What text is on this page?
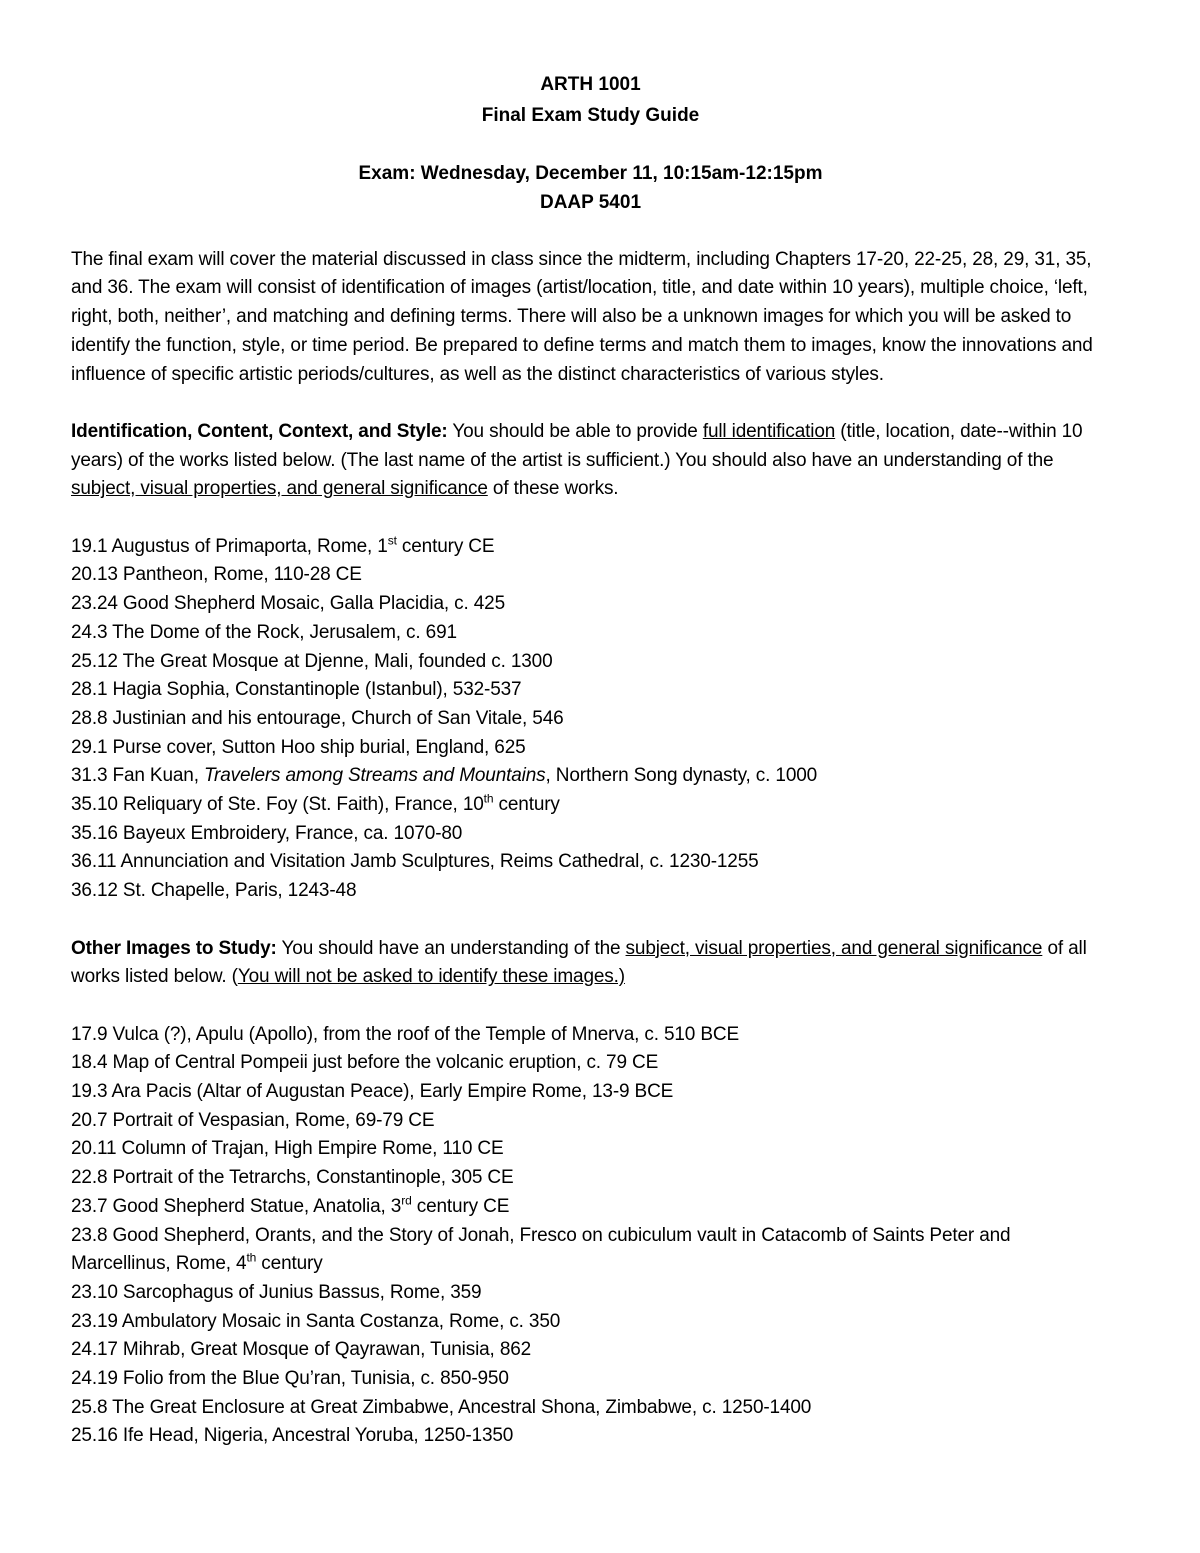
ARTH 1001
Final Exam Study Guide
Exam: Wednesday, December 11, 10:15am-12:15pm
DAAP 5401
The final exam will cover the material discussed in class since the midterm, including Chapters 17-20, 22-25, 28, 29, 31, 35, and 36. The exam will consist of identification of images (artist/location, title, and date within 10 years), multiple choice, ‘left, right, both, neither’, and matching and defining terms. There will also be a unknown images for which you will be asked to identify the function, style, or time period. Be prepared to define terms and match them to images, know the innovations and influence of specific artistic periods/cultures, as well as the distinct characteristics of various styles.
Identification, Content, Context, and Style: You should be able to provide full identification (title, location, date--within 10 years) of the works listed below. (The last name of the artist is sufficient.) You should also have an understanding of the subject, visual properties, and general significance of these works.
19.1 Augustus of Primaporta, Rome, 1st century CE
20.13 Pantheon, Rome, 110-28 CE
23.24 Good Shepherd Mosaic, Galla Placidia, c. 425
24.3 The Dome of the Rock, Jerusalem, c. 691
25.12 The Great Mosque at Djenne, Mali, founded c. 1300
28.1 Hagia Sophia, Constantinople (Istanbul), 532-537
28.8 Justinian and his entourage, Church of San Vitale, 546
29.1 Purse cover, Sutton Hoo ship burial, England, 625
31.3 Fan Kuan, Travelers among Streams and Mountains, Northern Song dynasty, c. 1000
35.10 Reliquary of Ste. Foy (St. Faith), France, 10th century
35.16 Bayeux Embroidery, France, ca. 1070-80
36.11 Annunciation and Visitation Jamb Sculptures, Reims Cathedral, c. 1230-1255
36.12 St. Chapelle, Paris, 1243-48
Other Images to Study: You should have an understanding of the subject, visual properties, and general significance of all works listed below. (You will not be asked to identify these images.)
17.9 Vulca (?), Apulu (Apollo), from the roof of the Temple of Mnerva, c. 510 BCE
18.4 Map of Central Pompeii just before the volcanic eruption, c. 79 CE
19.3 Ara Pacis (Altar of Augustan Peace), Early Empire Rome, 13-9 BCE
20.7 Portrait of Vespasian, Rome, 69-79 CE
20.11 Column of Trajan, High Empire Rome, 110 CE
22.8 Portrait of the Tetrarchs, Constantinople, 305 CE
23.7 Good Shepherd Statue, Anatolia, 3rd century CE
23.8 Good Shepherd, Orants, and the Story of Jonah, Fresco on cubiculum vault in Catacomb of Saints Peter and Marcellinus, Rome, 4th century
23.10 Sarcophagus of Junius Bassus, Rome, 359
23.19 Ambulatory Mosaic in Santa Costanza, Rome, c. 350
24.17 Mihrab, Great Mosque of Qayrawan, Tunisia, 862
24.19 Folio from the Blue Qu’ran, Tunisia, c. 850-950
25.8 The Great Enclosure at Great Zimbabwe, Ancestral Shona, Zimbabwe, c. 1250-1400
25.16 Ife Head, Nigeria, Ancestral Yoruba, 1250-1350
